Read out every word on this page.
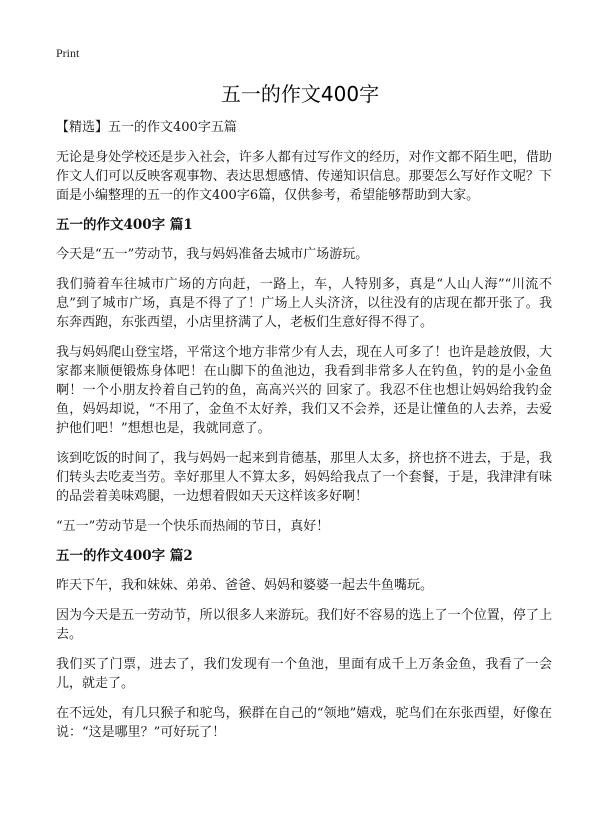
Print
五一的作文400字

【精选】五一的作文400字五篇

无论是身处学校还是步入社会，许多人都有过写作文的经历，对作文都不陌生吧，借助作文人们可以反映客观事物、表达思想感情、传递知识信息。那要怎么写好作文呢？下面是小编整理的五一的作文400字6篇，仅供参考，希望能够帮助到大家。

五一的作文400字 篇1

今天是“五一”劳动节，我与妈妈准备去城市广场游玩。

我们骑着车往城市广场的方向赶，一路上，车，人特别多，真是“人山人海”“川流不息”到了城市广场，真是不得了了！广场上人头济济，以往没有的店现在都开张了。我东奔西跑，东张西望，小店里挤满了人，老板们生意好得不得了。

我与妈妈爬山登宝塔，平常这个地方非常少有人去，现在人可多了！也许是趁放假，大家都来顺便锻炼身体吧！在山脚下的鱼池边，我看到非常多人在钓鱼，钓的是小金鱼啊！一个小朋友拎着自己钓的鱼，高高兴兴的 回家了。我忍不住也想让妈妈给我钓金鱼，妈妈却说，“不用了，金鱼不太好养，我们又不会养，还是让懂鱼的人去养，去爱护他们吧！”想想也是，我就同意了。

该到吃饭的时间了，我与妈妈一起来到肯德基，那里人太多，挤也挤不进去，于是，我们转头去吃麦当劳。幸好那里人不算太多，妈妈给我点了一个套餐，于是，我津津有味的品尝着美味鸡腿，一边想着假如天天这样该多好啊！

“五一”劳动节是一个快乐而热闹的节日，真好！

五一的作文400字 篇2

昨天下午，我和妹妹、弟弟、爸爸、妈妈和婆婆一起去牛鱼嘴玩。

因为今天是五一劳动节，所以很多人来游玩。我们好不容易的选上了一个位置，停了上去。

我们买了门票，进去了，我们发现有一个鱼池，里面有成千上万条金鱼，我看了一会儿，就走了。

在不远处，有几只猴子和驼鸟，猴群在自己的“领地”嬉戏，驼鸟们在东张西望，好像在说：“这是哪里？”可好玩了！
